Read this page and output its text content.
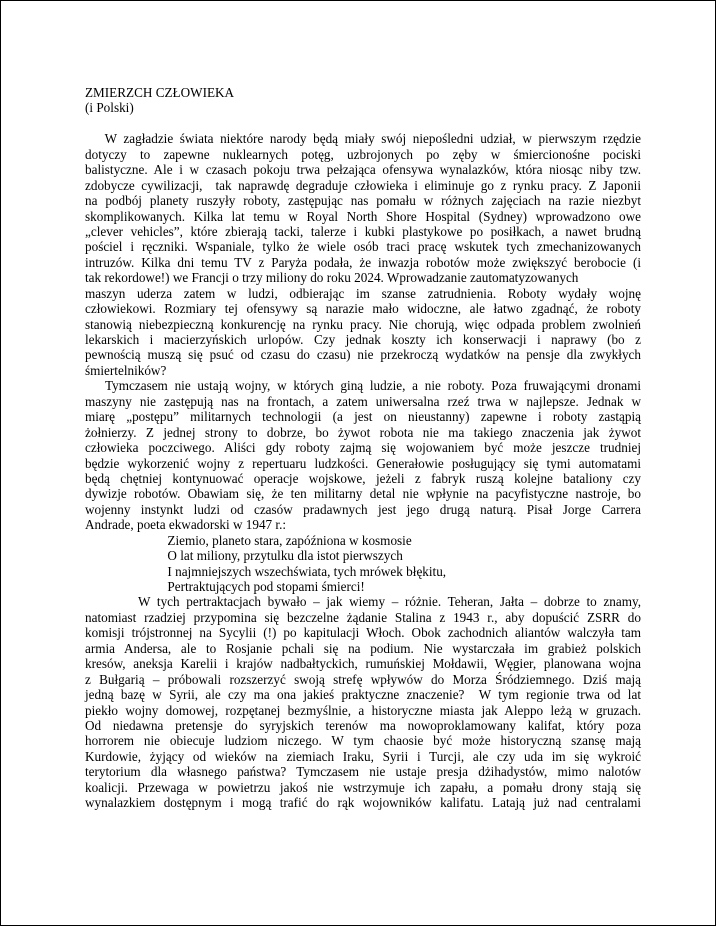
ZMIERZCH CZŁOWIEKA
(i Polski)
W zagładzie świata niektóre narody będą miały swój niepośledni udział, w pierwszym rzędzie
dotyczy to zapewne nuklearnych potęg, uzbrojonych po zęby w śmiercionośne pociski
balistyczne. Ale i w czasach pokoju trwa pełzająca ofensywa wynalazków, która niosąc niby tzw.
zdobycze cywilizacji,  tak naprawdę degraduje człowieka i eliminuje go z rynku pracy. Z Japonii
na podbój planety ruszyły roboty, zastępując nas pomału w różnych zajęciach na razie niezbyt
skomplikowanych. Kilka lat temu w Royal North Shore Hospital (Sydney) wprowadzono owe
„clever vehicles”, które zbierają tacki, talerze i kubki plastykowe po posiłkach, a nawet brudną
pościel i ręczniki. Wspaniale, tylko że wiele osób traci pracę wskutek tych zmechanizowanych
intruzów. Kilka dni temu TV z Paryża podała, że inwazja robotów może zwiększyć berobocie (i
tak rekordowe!) we Francji o trzy miliony do roku 2024. Wprowadzanie zautomatyzowanych
maszyn uderza zatem w ludzi, odbierając im szanse zatrudnienia. Roboty wydały wojnę
człowiekowi. Rozmiary tej ofensywy są narazie mało widoczne, ale łatwo zgadnąć, że roboty
stanowią niebezpieczną konkurencję na rynku pracy. Nie chorują, więc odpada problem zwolnień
lekarskich i macierzyńskich urlopów. Czy jednak koszty ich konserwacji i naprawy (bo z
pewnością muszą się psuć od czasu do czasu) nie przekroczą wydatków na pensje dla zwykłych
śmiertelników?
Tymczasem nie ustają wojny, w których giną ludzie, a nie roboty. Poza fruwającymi dronami
maszyny nie zastępują nas na frontach, a zatem uniwersalna rzeź trwa w najlepsze. Jednak w
miarę „postępu” militarnych technologii (a jest on nieustanny) zapewne i roboty zastąpią
żołnierzy. Z jednej strony to dobrze, bo żywot robota nie ma takiego znaczenia jak żywot
człowieka poczciwego. Aliści gdy roboty zajmą się wojowaniem być może jeszcze trudniej
będzie wykorzenić wojny z repertuaru ludzkości. Generałowie posługujący się tymi automatami
będą chętniej kontynuować operacje wojskowe, jeżeli z fabryk ruszą kolejne bataliony czy
dywizje robotów. Obawiam się, że ten militarny detal nie wpłynie na pacyfistyczne nastroje, bo
wojenny instynkt ludzi od czasów pradawnych jest jego drugą naturą. Pisał Jorge Carrera
Andrade, poeta ekwadorski w 1947 r.:
Ziemio, planeto stara, zapóźniona w kosmosie
O lat miliony, przytulku dla istot pierwszych
I najmniejszych wszechświata, tych mrówek błękitu,
Pertraktujących pod stopami śmierci!
W tych pertraktacjach bywało – jak wiemy – różnie. Teheran, Jałta – dobrze to znamy,
natomiast rzadziej przypomina się bezczelne żądanie Stalina z 1943 r., aby dopuścić ZSRR do
komisji trójstronnej na Sycylii (!) po kapitulacji Włoch. Obok zachodnich aliantów walczyła tam
armia Andersa, ale to Rosjanie pchali się na podium. Nie wystarczała im grabież polskich
kresów, aneksja Karelii i krajów nadbałtyckich, rumuńskiej Mołdawii, Węgier, planowana wojna
z Bułgarią – próbowali rozszerzyć swoją strefę wpływów do Morza Śródziemnego. Dziś mają
jedną bazę w Syrii, ale czy ma ona jakieś praktyczne znaczenie?  W tym regionie trwa od lat
piekło wojny domowej, rozpętanej bezmyślnie, a historyczne miasta jak Aleppo leżą w gruzach.
Od niedawna pretensje do syryjskich terenów ma nowoproklamowany kalifat, który poza
horrorem nie obiecuje ludziom niczego. W tym chaosie być może historyczną szansę mają
Kurdowie, żyjący od wieków na ziemiach Iraku, Syrii i Turcji, ale czy uda im się wykroić
terytorium dla własnego państwa? Tymczasem nie ustaje presja dżihadystów, mimo nalotów
koalicji. Przewaga w powietrzu jakoś nie wstrzymuje ich zapału, a pomału drony stają się
wynalazkiem dostępnym i mogą trafić do rąk wojowników kalifatu. Latają już nad centralami
